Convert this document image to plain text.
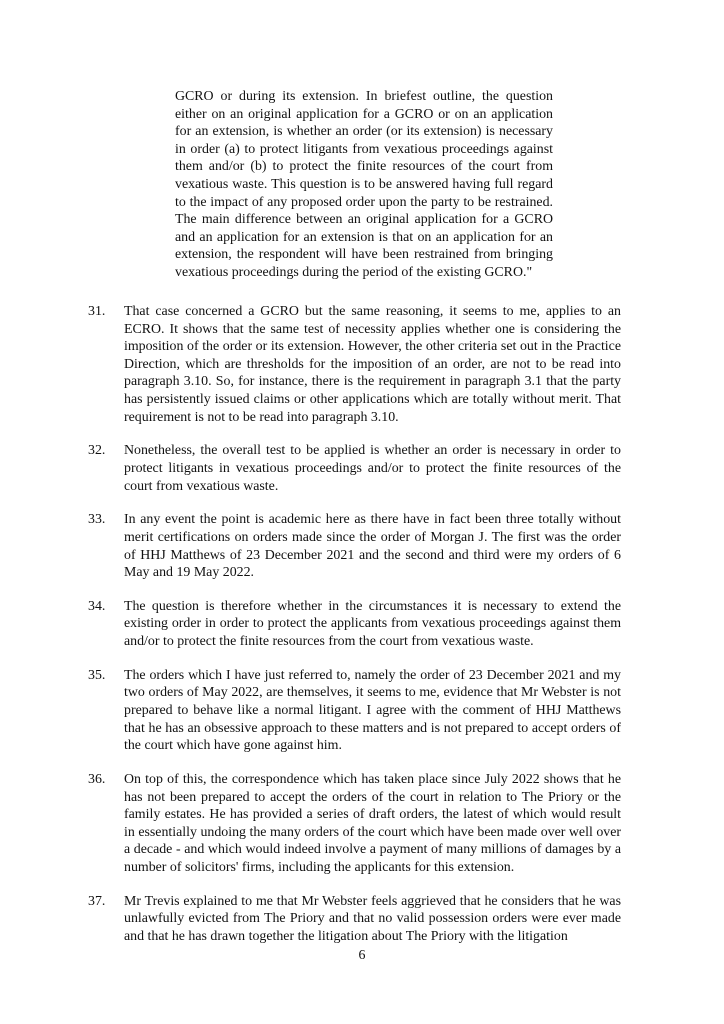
GCRO or during its extension. In briefest outline, the question either on an original application for a GCRO or on an application for an extension, is whether an order (or its extension) is necessary in order (a) to protect litigants from vexatious proceedings against them and/or (b) to protect the finite resources of the court from vexatious waste. This question is to be answered having full regard to the impact of any proposed order upon the party to be restrained. The main difference between an original application for a GCRO and an application for an extension is that on an application for an extension, the respondent will have been restrained from bringing vexatious proceedings during the period of the existing GCRO."
31.	That case concerned a GCRO but the same reasoning, it seems to me, applies to an ECRO. It shows that the same test of necessity applies whether one is considering the imposition of the order or its extension. However, the other criteria set out in the Practice Direction, which are thresholds for the imposition of an order, are not to be read into paragraph 3.10. So, for instance, there is the requirement in paragraph 3.1 that the party has persistently issued claims or other applications which are totally without merit. That requirement is not to be read into paragraph 3.10.
32.	Nonetheless, the overall test to be applied is whether an order is necessary in order to protect litigants in vexatious proceedings and/or to protect the finite resources of the court from vexatious waste.
33.	In any event the point is academic here as there have in fact been three totally without merit certifications on orders made since the order of Morgan J. The first was the order of HHJ Matthews of 23 December 2021 and the second and third were my orders of 6 May and 19 May 2022.
34.	The question is therefore whether in the circumstances it is necessary to extend the existing order in order to protect the applicants from vexatious proceedings against them and/or to protect the finite resources from the court from vexatious waste.
35.	The orders which I have just referred to, namely the order of 23 December 2021 and my two orders of May 2022, are themselves, it seems to me, evidence that Mr Webster is not prepared to behave like a normal litigant. I agree with the comment of HHJ Matthews that he has an obsessive approach to these matters and is not prepared to accept orders of the court which have gone against him.
36.	On top of this, the correspondence which has taken place since July 2022 shows that he has not been prepared to accept the orders of the court in relation to The Priory or the family estates. He has provided a series of draft orders, the latest of which would result in essentially undoing the many orders of the court which have been made over well over a decade - and which would indeed involve a payment of many millions of damages by a number of solicitors' firms, including the applicants for this extension.
37.	Mr Trevis explained to me that Mr Webster feels aggrieved that he considers that he was unlawfully evicted from The Priory and that no valid possession orders were ever made and that he has drawn together the litigation about The Priory with the litigation
6
